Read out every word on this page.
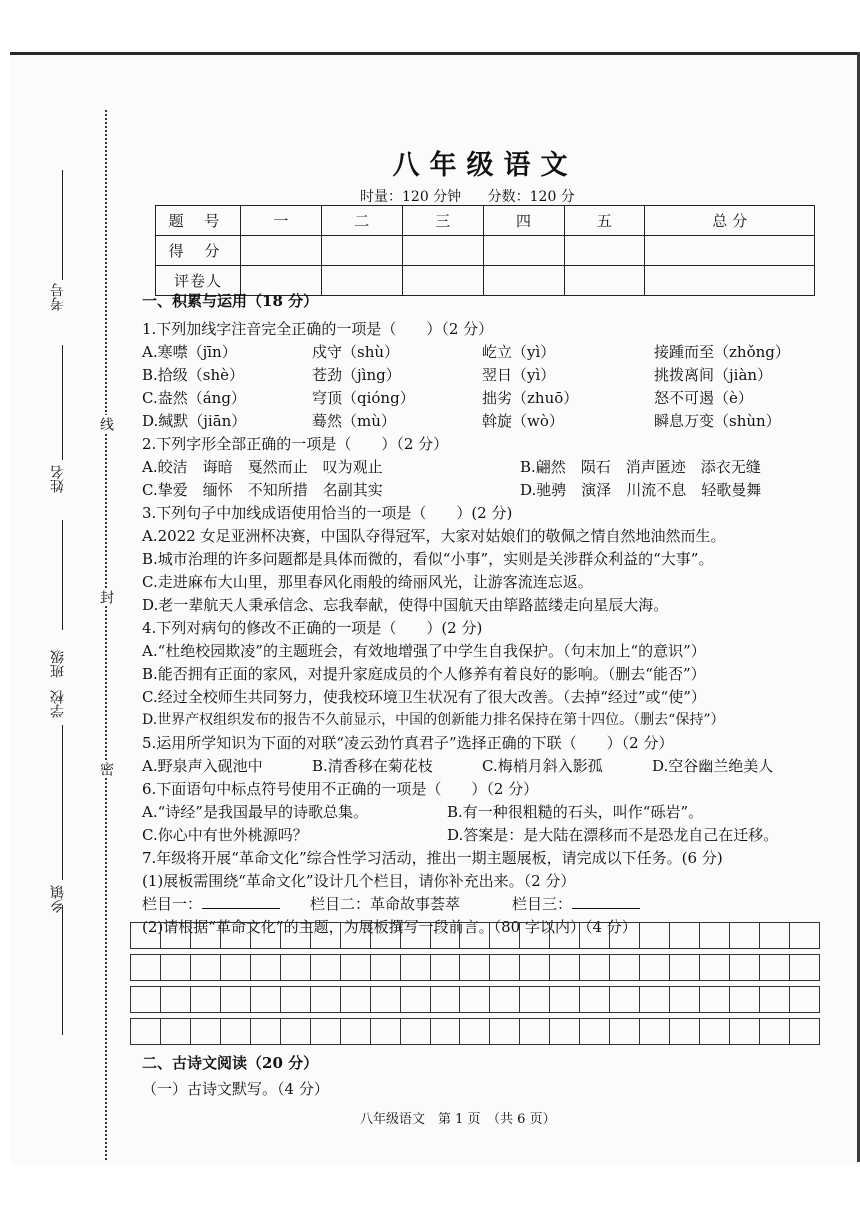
考号
姓名
班级
学校
乡镇
线
封
密
八年级语文
时量：120 分钟 分数：120 分
题 号	一	二	三	四	五	总 分
得 分						
评卷人						
一、积累与运用（18 分）
1.下列加线字注音完全正确的一项是（　　）（2 分）
A.寒噤（jīn）	戍守（shù）	屹立（yì）	接踵而至（zhǒng）
B.拾级（shè）	苍劲（jìng）	翌日（yì）	挑拨离间（jiàn）
C.盎然（áng）	穹顶（qióng）	拙劣（zhuō）	怒不可遏（è）
D.缄默（jiān）	蓦然（mù）	斡旋（wò）	瞬息万变（shùn）
2.下列字形全部正确的一项是（　　）（2 分）
A.皎洁　诲暗　戛然而止　叹为观止	B.翩然　陨石　消声匿迹　添衣无缝
C.挚爱　缅怀　不知所措　名副其实	D.驰骋　演泽　川流不息　轻歌曼舞
3.下列句子中加线成语使用恰当的一项是（　　）(2 分)
A.2022 女足亚洲杯决赛，中国队夺得冠军，大家对姑娘们的敬佩之情自然地油然而生。
B.城市治理的许多问题都是具体而微的，看似“小事”，实则是关涉群众利益的“大事”。
C.走进麻布大山里，那里春风化雨般的绮丽风光，让游客流连忘返。
D.老一辈航天人秉承信念、忘我奉献，使得中国航天由筚路蓝缕走向星辰大海。
4.下列对病句的修改不正确的一项是（　　）(2 分)
A.“杜绝校园欺凌”的主题班会，有效地增强了中学生自我保护。（句末加上“的意识”）
B.能否拥有正面的家风，对提升家庭成员的个人修养有着良好的影响。（删去“能否”）
C.经过全校师生共同努力，使我校环境卫生状况有了很大改善。（去掉“经过”或“使”）
D.世界产权组织发布的报告不久前显示，中国的创新能力排名保持在第十四位。（删去“保持”）
5.运用所学知识为下面的对联“凌云劲竹真君子”选择正确的下联（　　）（2 分）
A.野泉声入砚池中	B.清香移在菊花枝	C.梅梢月斜入影孤	D.空谷幽兰绝美人
6.下面语句中标点符号使用不正确的一项是（　　）（2 分）
A.“诗经”是我国最早的诗歌总集。	B.有一种很粗糙的石头，叫作“砾岩”。
C.你心中有世外桃源吗？	D.答案是：是大陆在漂移而不是恐龙自己在迁移。
7.年级将开展“革命文化”综合性学习活动，推出一期主题展板，请完成以下任务。(6 分)
(1)展板需围绕“革命文化”设计几个栏目，请你补充出来。（2 分）
栏目一：	栏目二：革命故事荟萃	栏目三：
(2)请根据“革命文化”的主题，为展板撰写一段前言。（80 字以内）（4 分）

二、古诗文阅读（20 分）
（一）古诗文默写。（4 分）
八年级语文　第 1 页　（共 6 页）
